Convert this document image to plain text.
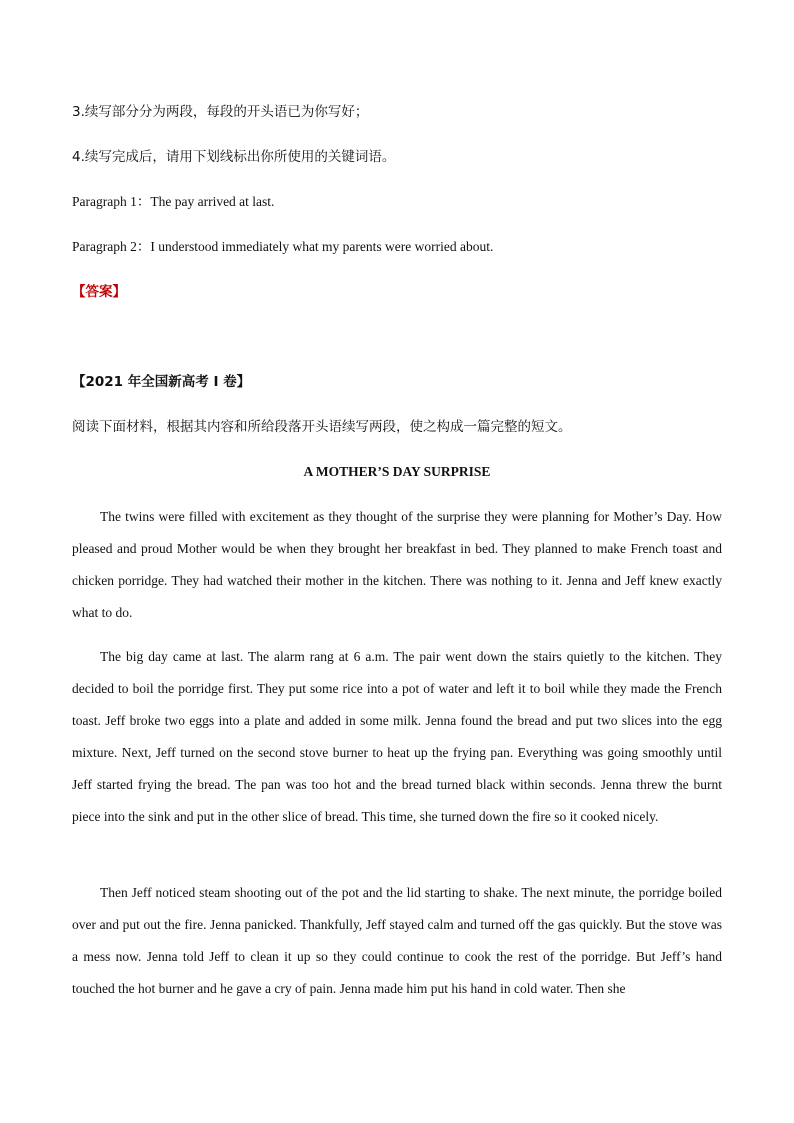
3.续写部分分为两段，每段的开头语已为你写好；
4.续写完成后，请用下划线标出你所使用的关键词语。
Paragraph 1：The pay arrived at last.
Paragraph 2：I understood immediately what my parents were worried about.
【答案】
【2021 年全国新高考 I 卷】
阅读下面材料，根据其内容和所给段落开头语续写两段，使之构成一篇完整的短文。
A MOTHER’S DAY SURPRISE

The twins were filled with excitement as they thought of the surprise they were planning for Mother’s Day. How pleased and proud Mother would be when they brought her breakfast in bed. They planned to make French toast and chicken porridge. They had watched their mother in the kitchen. There was nothing to it. Jenna and Jeff knew exactly what to do.

The big day came at last. The alarm rang at 6 a.m. The pair went down the stairs quietly to the kitchen. They decided to boil the porridge first. They put some rice into a pot of water and left it to boil while they made the French toast. Jeff broke two eggs into a plate and added in some milk. Jenna found the bread and put two slices into the egg mixture. Next, Jeff turned on the second stove burner to heat up the frying pan. Everything was going smoothly until Jeff started frying the bread. The pan was too hot and the bread turned black within seconds. Jenna threw the burnt piece into the sink and put in the other slice of bread. This time, she turned down the fire so it cooked nicely.

Then Jeff noticed steam shooting out of the pot and the lid starting to shake. The next minute, the porridge boiled over and put out the fire. Jenna panicked. Thankfully, Jeff stayed calm and turned off the gas quickly. But the stove was a mess now. Jenna told Jeff to clean it up so they could continue to cook the rest of the porridge. But Jeff’s hand touched the hot burner and he gave a cry of pain. Jenna made him put his hand in cold water. Then she
